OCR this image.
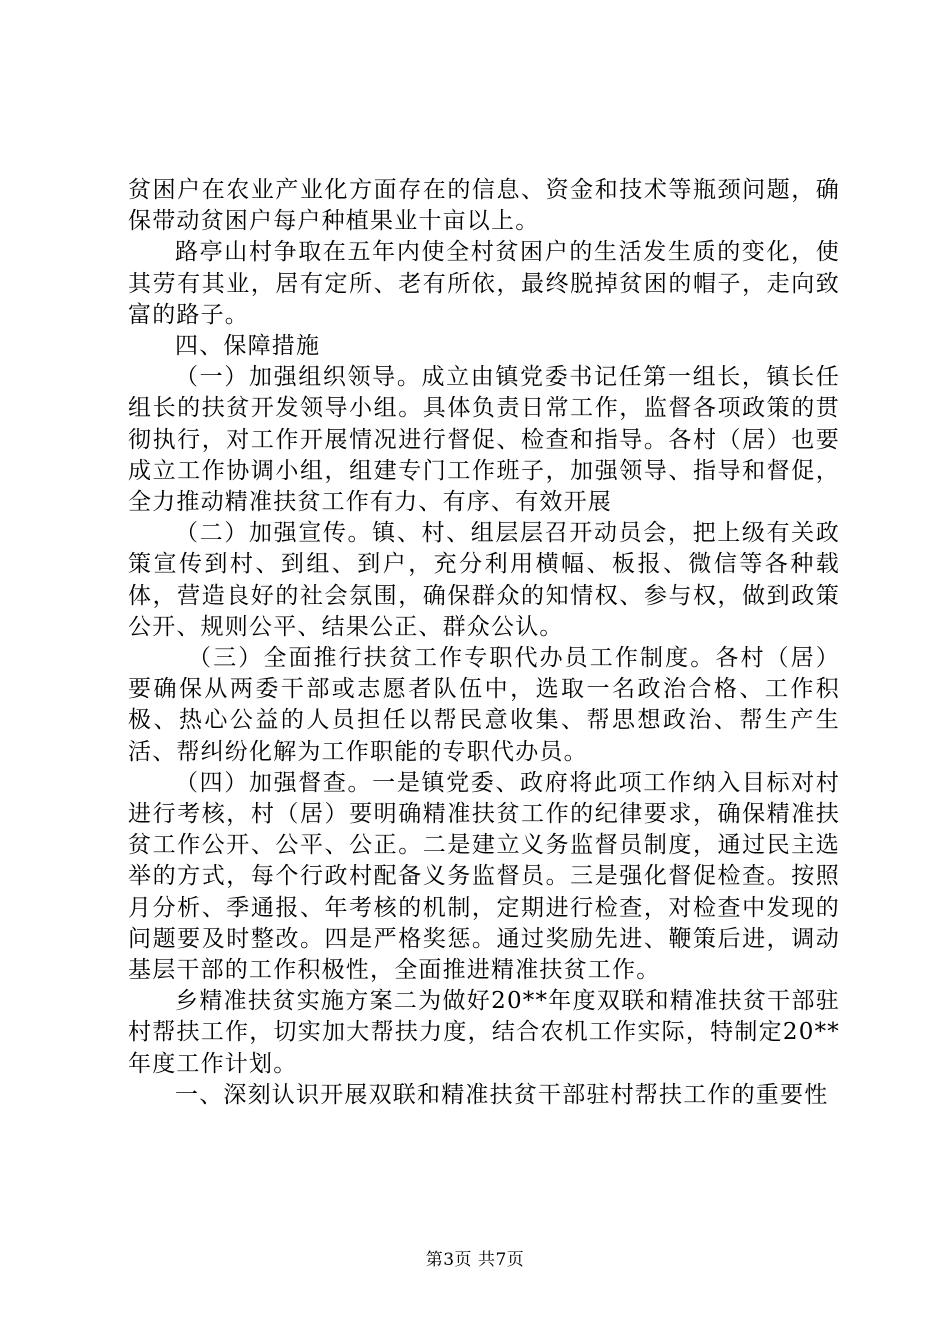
贫困户在农业产业化方面存在的信息、资金和技术等瓶颈问题，确保带动贫困户每户种植果业十亩以上。

路亭山村争取在五年内使全村贫困户的生活发生质的变化，使其劳有其业，居有定所、老有所依，最终脱掉贫困的帽子，走向致富的路子。

四、保障措施

（一）加强组织领导。成立由镇党委书记任第一组长，镇长任组长的扶贫开发领导小组。具体负责日常工作，监督各项政策的贯彻执行，对工作开展情况进行督促、检查和指导。各村（居）也要成立工作协调小组，组建专门工作班子，加强领导、指导和督促，全力推动精准扶贫工作有力、有序、有效开展

（二）加强宣传。镇、村、组层层召开动员会，把上级有关政策宣传到村、到组、到户，充分利用横幅、板报、微信等各种载体，营造良好的社会氛围，确保群众的知情权、参与权，做到政策公开、规则公平、结果公正、群众公认。

（三）全面推行扶贫工作专职代办员工作制度。各村（居）要确保从两委干部或志愿者队伍中，选取一名政治合格、工作积极、热心公益的人员担任以帮民意收集、帮思想政治、帮生产生活、帮纠纷化解为工作职能的专职代办员。

（四）加强督查。一是镇党委、政府将此项工作纳入目标对村进行考核，村（居）要明确精准扶贫工作的纪律要求，确保精准扶贫工作公开、公平、公正。二是建立义务监督员制度，通过民主选举的方式，每个行政村配备义务监督员。三是强化督促检查。按照月分析、季通报、年考核的机制，定期进行检查，对检查中发现的问题要及时整改。四是严格奖惩。通过奖励先进、鞭策后进，调动基层干部的工作积极性，全面推进精准扶贫工作。

乡精准扶贫实施方案二为做好20**年度双联和精准扶贫干部驻村帮扶工作，切实加大帮扶力度，结合农机工作实际，特制定20**年度工作计划。

一、深刻认识开展双联和精准扶贫干部驻村帮扶工作的重要性

第3页 共7页
